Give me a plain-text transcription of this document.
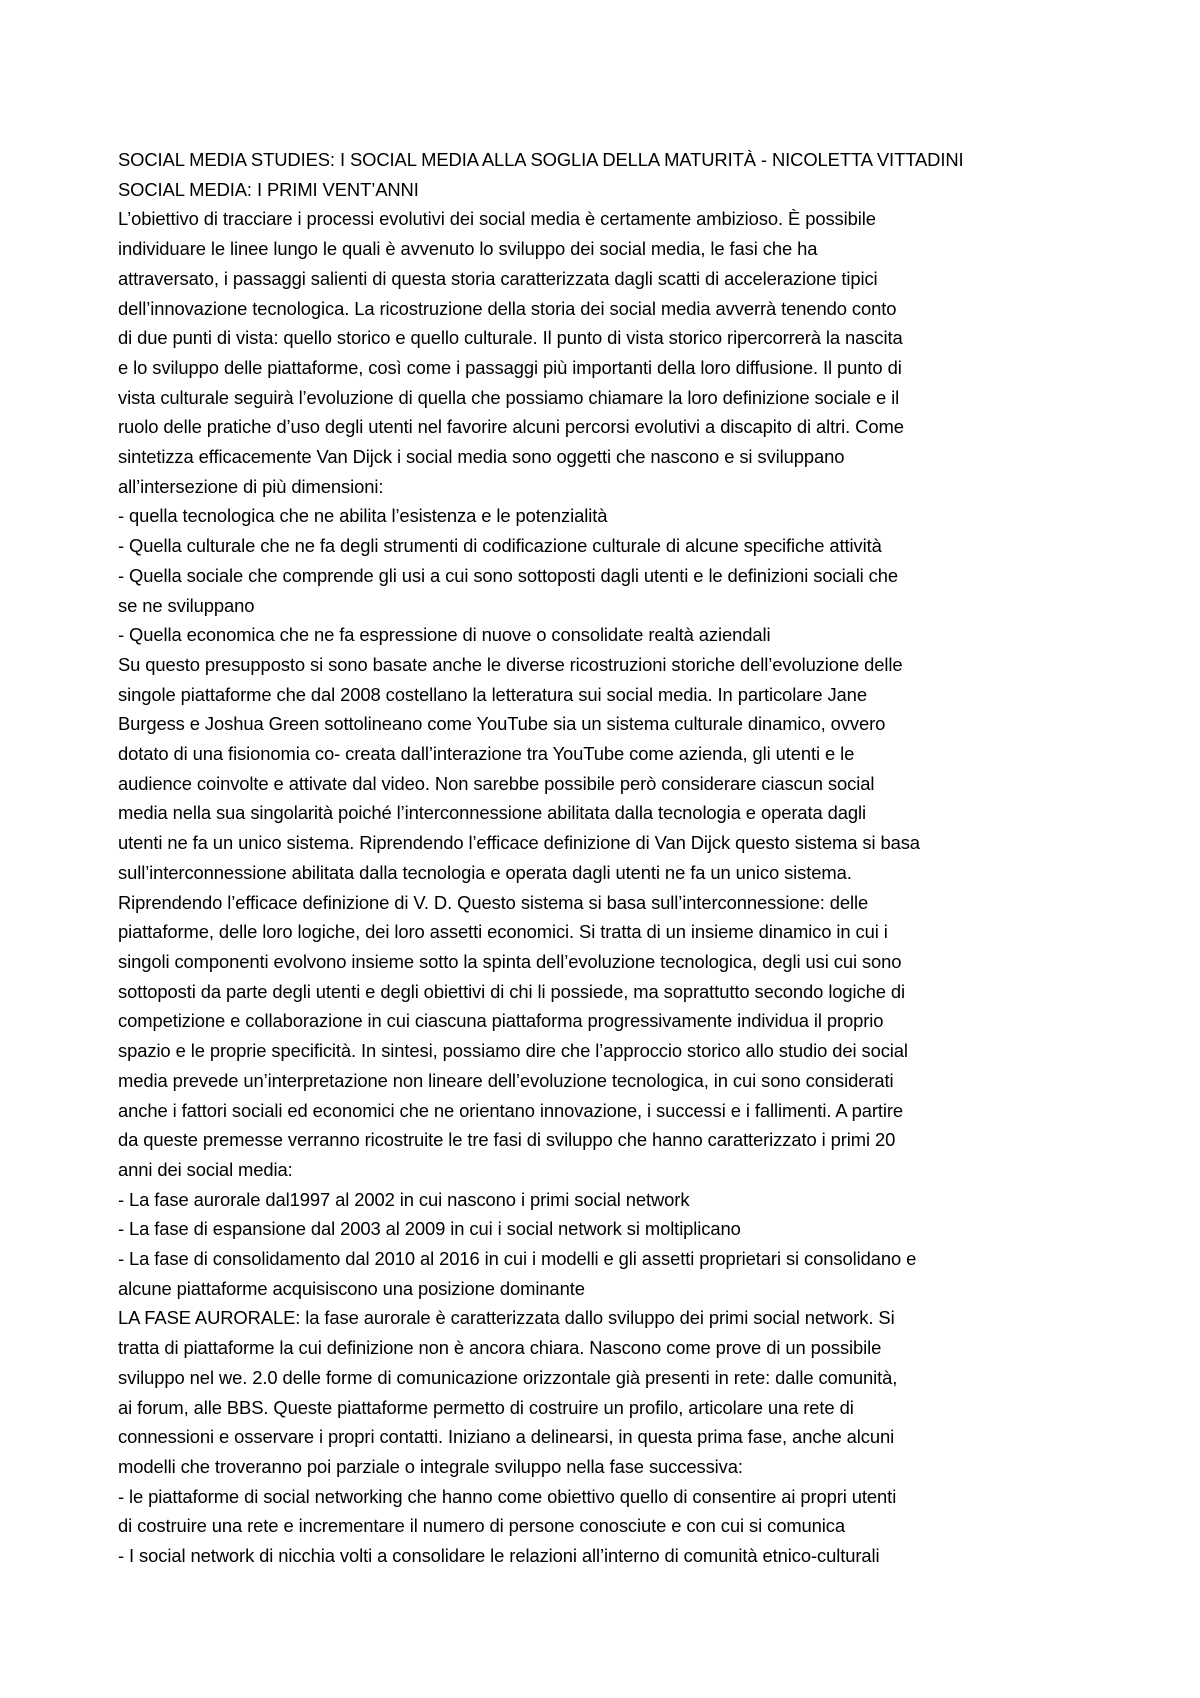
SOCIAL MEDIA STUDIES: I SOCIAL MEDIA ALLA SOGLIA DELLA MATURITÀ - NICOLETTA VITTADINI
SOCIAL MEDIA: I PRIMI VENT’ANNI
L’obiettivo di tracciare i processi evolutivi dei social media è certamente ambizioso. È possibile
individuare le linee lungo le quali è avvenuto lo sviluppo dei social media, le fasi che ha
attraversato, i passaggi salienti di questa storia caratterizzata dagli scatti di accelerazione tipici
dell’innovazione tecnologica. La ricostruzione della storia dei social media avverrà tenendo conto
di due punti di vista: quello storico e quello culturale. Il punto di vista storico ripercorrerà la nascita
e lo sviluppo delle piattaforme, così come i passaggi più importanti della loro diffusione. Il punto di
vista culturale seguirà l’evoluzione di quella che possiamo chiamare la loro definizione sociale e il
ruolo delle pratiche d’uso degli utenti nel favorire alcuni percorsi evolutivi a discapito di altri. Come
sintetizza efficacemente Van Dijck i social media sono oggetti che nascono e si sviluppano
all’intersezione di più dimensioni:
- quella tecnologica che ne abilita l’esistenza e le potenzialità
- Quella culturale che ne fa degli strumenti di codificazione culturale di alcune specifiche attività
- Quella sociale che comprende gli usi a cui sono sottoposti dagli utenti e le definizioni sociali che
se ne sviluppano
- Quella economica che ne fa espressione di nuove o consolidate realtà aziendali
Su questo presupposto si sono basate anche le diverse ricostruzioni storiche dell’evoluzione delle
singole piattaforme che dal 2008 costellano la letteratura sui social media. In particolare Jane
Burgess e Joshua Green sottolineano come YouTube sia un sistema culturale dinamico, ovvero
dotato di una fisionomia co- creata dall’interazione tra YouTube come azienda, gli utenti e le
audience coinvolte e attivate dal video. Non sarebbe possibile però considerare ciascun social
media nella sua singolarità poiché l’interconnessione abilitata dalla tecnologia e operata dagli
utenti ne fa un unico sistema. Riprendendo l’efficace definizione di Van Dijck questo sistema si basa
sull’interconnessione abilitata dalla tecnologia e operata dagli utenti ne fa un unico sistema.
Riprendendo l’efficace definizione di V. D. Questo sistema si basa sull’interconnessione: delle
piattaforme, delle loro logiche, dei loro assetti economici. Si tratta di un insieme dinamico in cui i
singoli componenti evolvono insieme sotto la spinta dell’evoluzione tecnologica, degli usi cui sono
sottoposti da parte degli utenti e degli obiettivi di chi li possiede, ma soprattutto secondo logiche di
competizione e collaborazione in cui ciascuna piattaforma progressivamente individua il proprio
spazio e le proprie specificità. In sintesi, possiamo dire che l’approccio storico allo studio dei social
media prevede un’interpretazione non lineare dell’evoluzione tecnologica, in cui sono considerati
anche i fattori sociali ed economici che ne orientano innovazione, i successi e i fallimenti. A partire
da queste premesse verranno ricostruite le tre fasi di sviluppo che hanno caratterizzato i primi 20
anni dei social media:
- La fase aurorale dal1997 al 2002 in cui nascono i primi social network
- La fase di espansione dal 2003 al 2009 in cui i social network si moltiplicano
- La fase di consolidamento dal 2010 al 2016 in cui i modelli e gli assetti proprietari si consolidano e
alcune piattaforme acquisiscono una posizione dominante
LA FASE AURORALE: la fase aurorale è caratterizzata dallo sviluppo dei primi social network. Si
tratta di piattaforme la cui definizione non è ancora chiara. Nascono come prove di un possibile
sviluppo nel we. 2.0 delle forme di comunicazione orizzontale già presenti in rete: dalle comunità,
ai forum, alle BBS. Queste piattaforme permetto di costruire un profilo, articolare una rete di
connessioni e osservare i propri contatti. Iniziano a delinearsi, in questa prima fase, anche alcuni
modelli che troveranno poi parziale o integrale sviluppo nella fase successiva:
- le piattaforme di social networking che hanno come obiettivo quello di consentire ai propri utenti
di costruire una rete e incrementare il numero di persone conosciute e con cui si comunica
- I social network di nicchia volti a consolidare le relazioni all’interno di comunità etnico-culturali
